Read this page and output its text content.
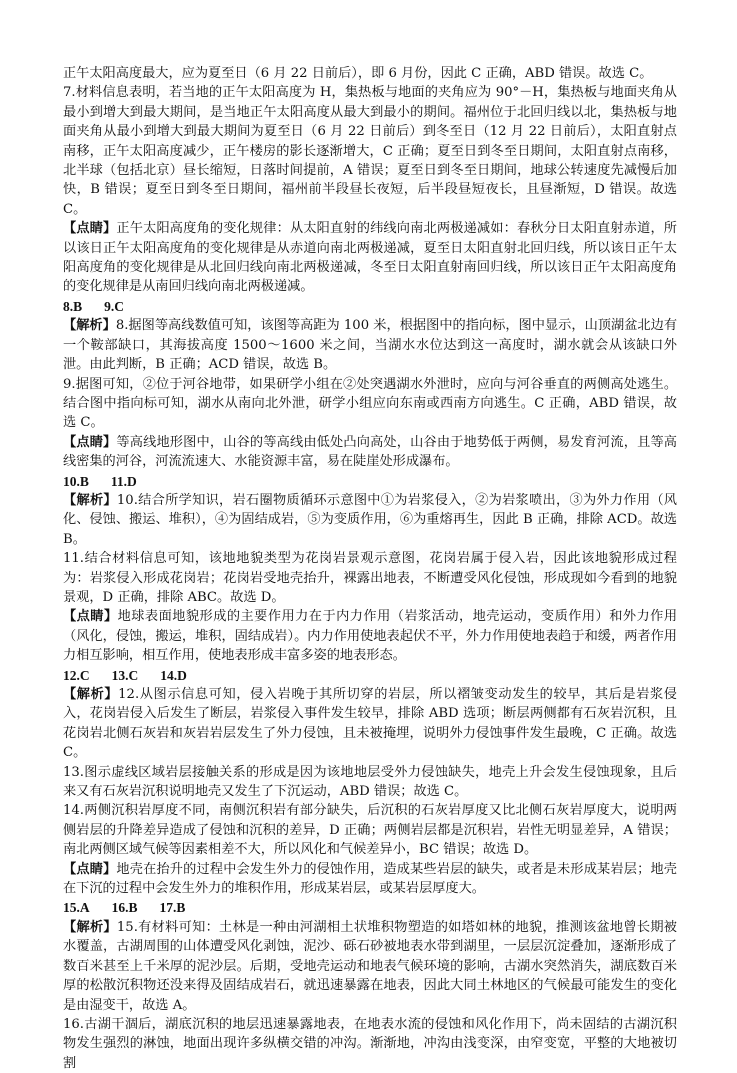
正午太阳高度最大，应为夏至日（6 月 22 日前后），即 6 月份，因此 C 正确，ABD 错误。故选 C。

7.材料信息表明，若当地的正午太阳高度为 H，集热板与地面的夹角应为 90°－H，集热板与地面夹角从最小到增大到最大期间，是当地正午太阳高度从最大到最小的期间。福州位于北回归线以北，集热板与地面夹角从最小到增大到最大期间为夏至日（6 月 22 日前后）到冬至日（12 月 22 日前后），太阳直射点南移，正午太阳高度减少，正午楼房的影长逐渐增大，C 正确；夏至日到冬至日期间，太阳直射点南移，北半球（包括北京）昼长缩短，日落时间提前，A 错误；夏至日到冬至日期间，地球公转速度先减慢后加快，B 错误；夏至日到冬至日期间，福州前半段昼长夜短，后半段昼短夜长，且昼渐短，D 错误。故选 C。

【点睛】正午太阳高度角的变化规律：从太阳直射的纬线向南北两极递减如：春秋分日太阳直射赤道，所以该日正午太阳高度角的变化规律是从赤道向南北两极递减，夏至日太阳直射北回归线，所以该日正午太阳高度角的变化规律是从北回归线向南北两极递减，冬至日太阳直射南回归线，所以该日正午太阳高度角的变化规律是从南回归线向南北两极递减。

8.B 9.C

【解析】8.据图等高线数值可知，该图等高距为 100 米，根据图中的指向标，图中显示，山顶湖盆北边有一个鞍部缺口，其海拔高度 1500～1600 米之间，当湖水水位达到这一高度时，湖水就会从该缺口外泄。由此判断，B 正确；ACD 错误，故选 B。

9.据图可知，②位于河谷地带，如果研学小组在②处突遇湖水外泄时，应向与河谷垂直的两侧高处逃生。结合图中指向标可知，湖水从南向北外泄，研学小组应向东南或西南方向逃生。C 正确，ABD 错误，故选 C。

【点睛】等高线地形图中，山谷的等高线由低处凸向高处，山谷由于地势低于两侧，易发育河流，且等高线密集的河谷，河流流速大、水能资源丰富，易在陡崖处形成瀑布。

10.B 11.D

【解析】10.结合所学知识，岩石圈物质循环示意图中①为岩浆侵入，②为岩浆喷出，③为外力作用（风化、侵蚀、搬运、堆积），④为固结成岩，⑤为变质作用，⑥为重熔再生，因此 B 正确，排除 ACD。故选 B。

11.结合材料信息可知，该地地貌类型为花岗岩景观示意图，花岗岩属于侵入岩，因此该地貌形成过程为：岩浆侵入形成花岗岩；花岗岩受地壳抬升，裸露出地表，不断遭受风化侵蚀，形成现如今看到的地貌景观，D 正确，排除 ABC。故选 D。

【点睛】地球表面地貌形成的主要作用力在于内力作用（岩浆活动，地壳运动，变质作用）和外力作用（风化，侵蚀，搬运，堆积，固结成岩）。内力作用使地表起伏不平，外力作用使地表趋于和缓，两者作用力相互影响，相互作用，使地表形成丰富多姿的地表形态。

12.C 13.C 14.D

【解析】12.从图示信息可知，侵入岩晚于其所切穿的岩层，所以褶皱变动发生的较早，其后是岩浆侵入，花岗岩侵入后发生了断层，岩浆侵入事件发生较早，排除 ABD 选项；断层两侧都有石灰岩沉积，且花岗岩北侧石灰岩和灰岩岩层发生了外力侵蚀，且未被掩埋，说明外力侵蚀事件发生最晚，C 正确。故选 C。

13.图示虚线区域岩层接触关系的形成是因为该地地层受外力侵蚀缺失，地壳上升会发生侵蚀现象，且后来又有石灰岩沉积说明地壳又发生了下沉运动，ABD 错误；故选 C。

14.两侧沉积岩厚度不同，南侧沉积岩有部分缺失，后沉积的石灰岩厚度又比北侧石灰岩厚度大，说明两侧岩层的升降差异造成了侵蚀和沉积的差异，D 正确；两侧岩层都是沉积岩，岩性无明显差异，A 错误；南北两侧区域气候等因素相差不大，所以风化和气候差异小，BC 错误；故选 D。

【点睛】地壳在抬升的过程中会发生外力的侵蚀作用，造成某些岩层的缺失，或者是未形成某岩层；地壳在下沉的过程中会发生外力的堆积作用，形成某岩层，或某岩层厚度大。

15.A 16.B 17.B

【解析】15.有材料可知：土林是一种由河湖相土状堆积物塑造的如塔如林的地貌，推测该盆地曾长期被水覆盖，古湖周围的山体遭受风化剥蚀，泥沙、砾石砂被地表水带到湖里，一层层沉淀叠加，逐渐形成了数百米甚至上千米厚的泥沙层。后期，受地壳运动和地表气候环境的影响，古湖水突然消失，湖底数百米厚的松散沉积物还没来得及固结成岩石，就迅速暴露在地表，因此大同土林地区的气候最可能发生的变化是由湿变干，故选 A。

16.古湖干涸后，湖底沉积的地层迅速暴露地表，在地表水流的侵蚀和风化作用下，尚未固结的古湖沉积物发生强烈的淋蚀，地面出现许多纵横交错的冲沟。渐渐地，冲沟由浅变深，由窄变宽，平整的大地被切割
